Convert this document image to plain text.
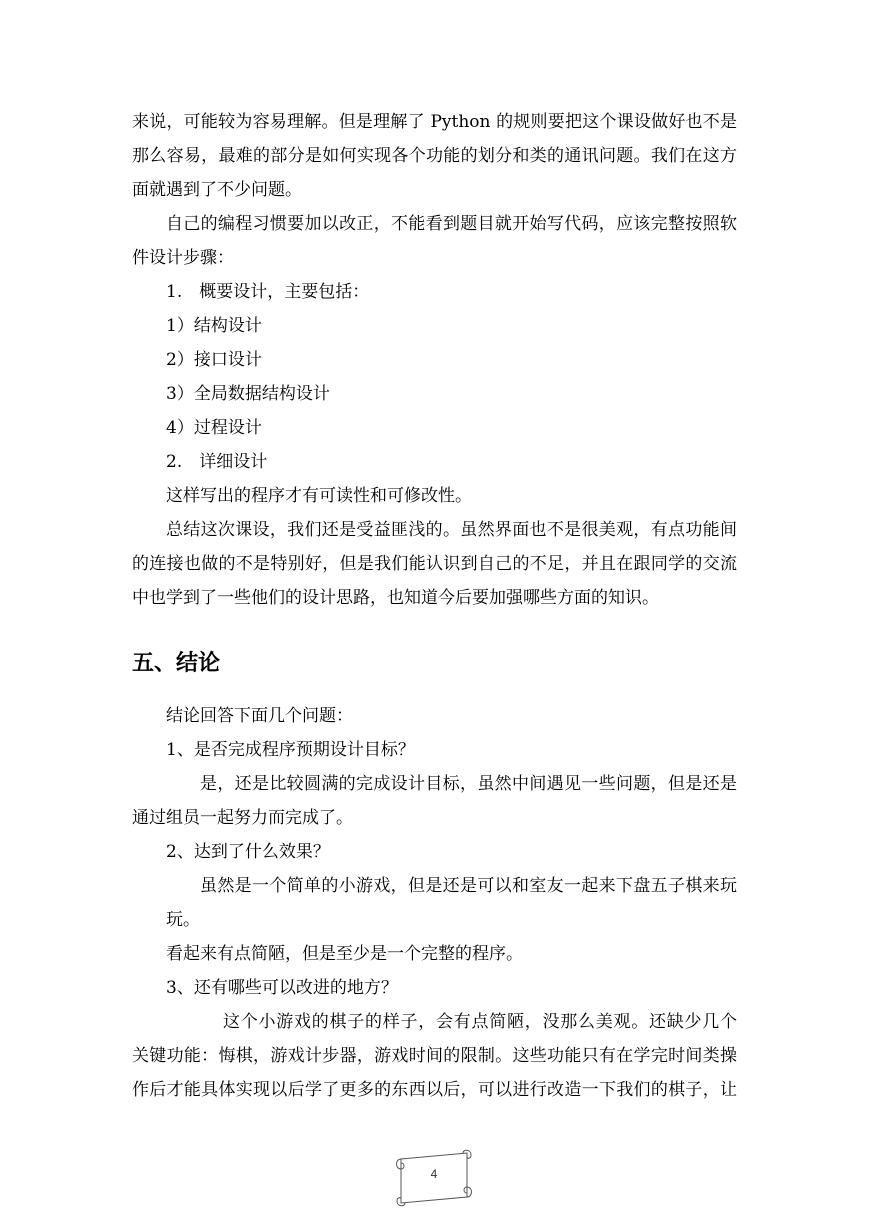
来说，可能较为容易理解。但是理解了 Python 的规则要把这个课设做好也不是
那么容易，最难的部分是如何实现各个功能的划分和类的通讯问题。我们在这方
面就遇到了不少问题。
自己的编程习惯要加以改正，不能看到题目就开始写代码，应该完整按照软
件设计步骤：
1.　概要设计，主要包括：
1）结构设计
2）接口设计
3）全局数据结构设计
4）过程设计
2.　详细设计
这样写出的程序才有可读性和可修改性。
总结这次课设，我们还是受益匪浅的。虽然界面也不是很美观，有点功能间
的连接也做的不是特别好，但是我们能认识到自己的不足，并且在跟同学的交流
中也学到了一些他们的设计思路，也知道今后要加强哪些方面的知识。
五、结论
结论回答下面几个问题：
1、是否完成程序预期设计目标？
是，还是比较圆满的完成设计目标，虽然中间遇见一些问题，但是还是
通过组员一起努力而完成了。
2、达到了什么效果？
虽然是一个简单的小游戏，但是还是可以和室友一起来下盘五子棋来玩
玩。
看起来有点简陋，但是至少是一个完整的程序。
3、还有哪些可以改进的地方？
这个小游戏的棋子的样子，会有点简陋，没那么美观。还缺少几个
关键功能：悔棋，游戏计步器，游戏时间的限制。这些功能只有在学完时间类操
作后才能具体实现以后学了更多的东西以后，可以进行改造一下我们的棋子，让
4
